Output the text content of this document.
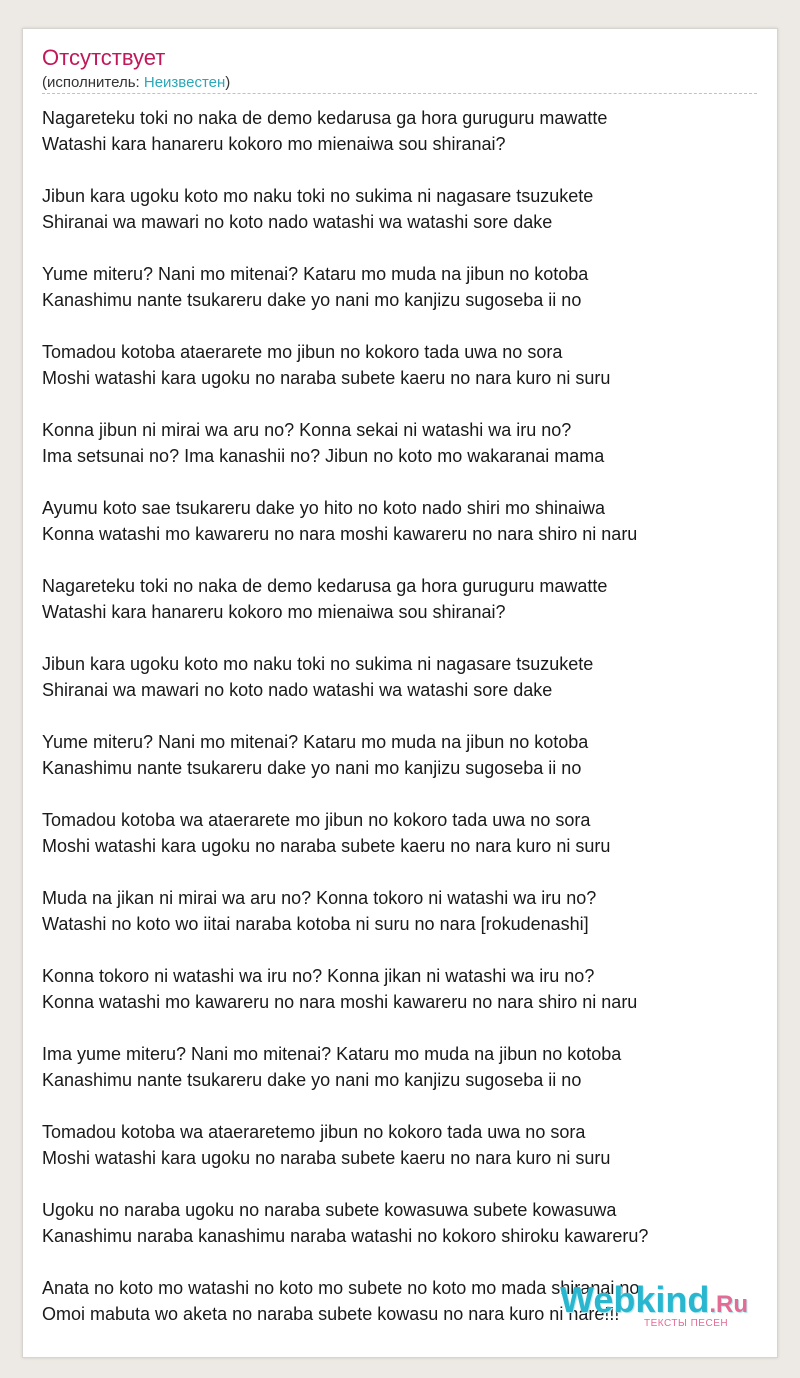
Отсутствует
(исполнитель: Неизвестен)
Nagareteku toki no naka de demo kedarusa ga hora guruguru mawatte
Watashi kara hanareru kokoro mo mienaiwa sou shiranai?
Jibun kara ugoku koto mo naku toki no sukima ni nagasare tsuzukete
Shiranai wa mawari no koto nado watashi wa watashi sore dake
Yume miteru? Nani mo mitenai? Kataru mo muda na jibun no kotoba
Kanashimu nante tsukareru dake yo nani mo kanjizu sugoseba ii no
Tomadou kotoba ataerarete mo jibun no kokoro tada uwa no sora
Moshi watashi kara ugoku no naraba subete kaeru no nara kuro ni suru
Konna jibun ni mirai wa aru no? Konna sekai ni watashi wa iru no?
Ima setsunai no? Ima kanashii no? Jibun no koto mo wakaranai mama
Ayumu koto sae tsukareru dake yo hito no koto nado shiri mo shinaiwa
Konna watashi mo kawareru no nara moshi kawareru no nara shiro ni naru
Nagareteku toki no naka de demo kedarusa ga hora guruguru mawatte
Watashi kara hanareru kokoro mo mienaiwa sou shiranai?
Jibun kara ugoku koto mo naku toki no sukima ni nagasare tsuzukete
Shiranai wa mawari no koto nado watashi wa watashi sore dake
Yume miteru? Nani mo mitenai? Kataru mo muda na jibun no kotoba
Kanashimu nante tsukareru dake yo nani mo kanjizu sugoseba ii no
Tomadou kotoba wa ataerarete mo jibun no kokoro tada uwa no sora
Moshi watashi kara ugoku no naraba subete kaeru no nara kuro ni suru
Muda na jikan ni mirai wa aru no? Konna tokoro ni watashi wa iru no?
Watashi no koto wo iitai naraba kotoba ni suru no nara [rokudenashi]
Konna tokoro ni watashi wa iru no? Konna jikan ni watashi wa iru no?
Konna watashi mo kawareru no nara moshi kawareru no nara shiro ni naru
Ima yume miteru? Nani mo mitenai? Kataru mo muda na jibun no kotoba
Kanashimu nante tsukareru dake yo nani mo kanjizu sugoseba ii no
Tomadou kotoba wa ataeraretemo jibun no kokoro tada uwa no sora
Moshi watashi kara ugoku no naraba subete kaeru no nara kuro ni suru
Ugoku no naraba ugoku no naraba subete kowasuwa subete kowasuwa
Kanashimu naraba kanashimu naraba watashi no kokoro shiroku kawareru?
Anata no koto mo watashi no koto mo subete no koto mo mada shiranai no
Omoi mabuta wo aketa no naraba subete kowasu no nara kuro ni nare!!!
Webkind.Ru
ТЕКСТЫ ПЕСЕН
